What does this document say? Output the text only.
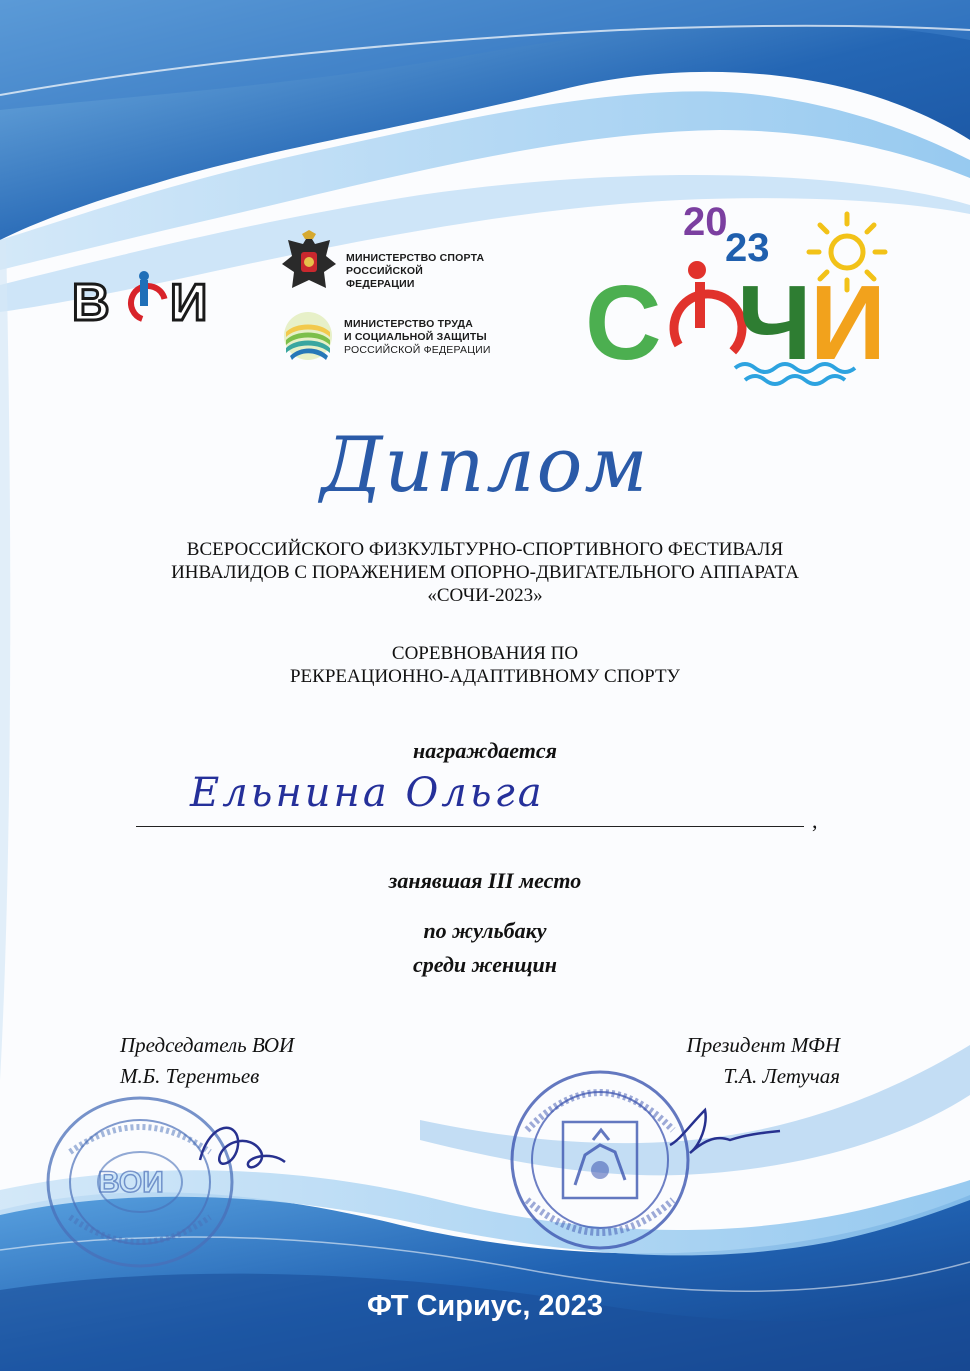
В И
МИНИСТЕРСТВО СПОРТА
РОССИЙСКОЙ ФЕДЕРАЦИИ
МИНИСТЕРСТВО ТРУДА
И СОЦИАЛЬНОЙ ЗАЩИТЫ
РОССИЙСКОЙ ФЕДЕРАЦИИ
20
23
С ЧИ
Диплом
ВСЕРОССИЙСКОГО ФИЗКУЛЬТУРНО-СПОРТИВНОГО ФЕСТИВАЛЯ
ИНВАЛИДОВ С ПОРАЖЕНИЕМ ОПОРНО-ДВИГАТЕЛЬНОГО АППАРАТА
«СОЧИ-2023»
СОРЕВНОВАНИЯ ПО
РЕКРЕАЦИОННО-АДАПТИВНОМУ СПОРТУ
награждается
Ельнина Ольга
,
занявшая III место
по жульбаку
среди женщин
Председатель ВОИ
М.Б. Терентьев
Президент МФН
Т.А. Летучая
ВОИ
ФТ Сириус, 2023
